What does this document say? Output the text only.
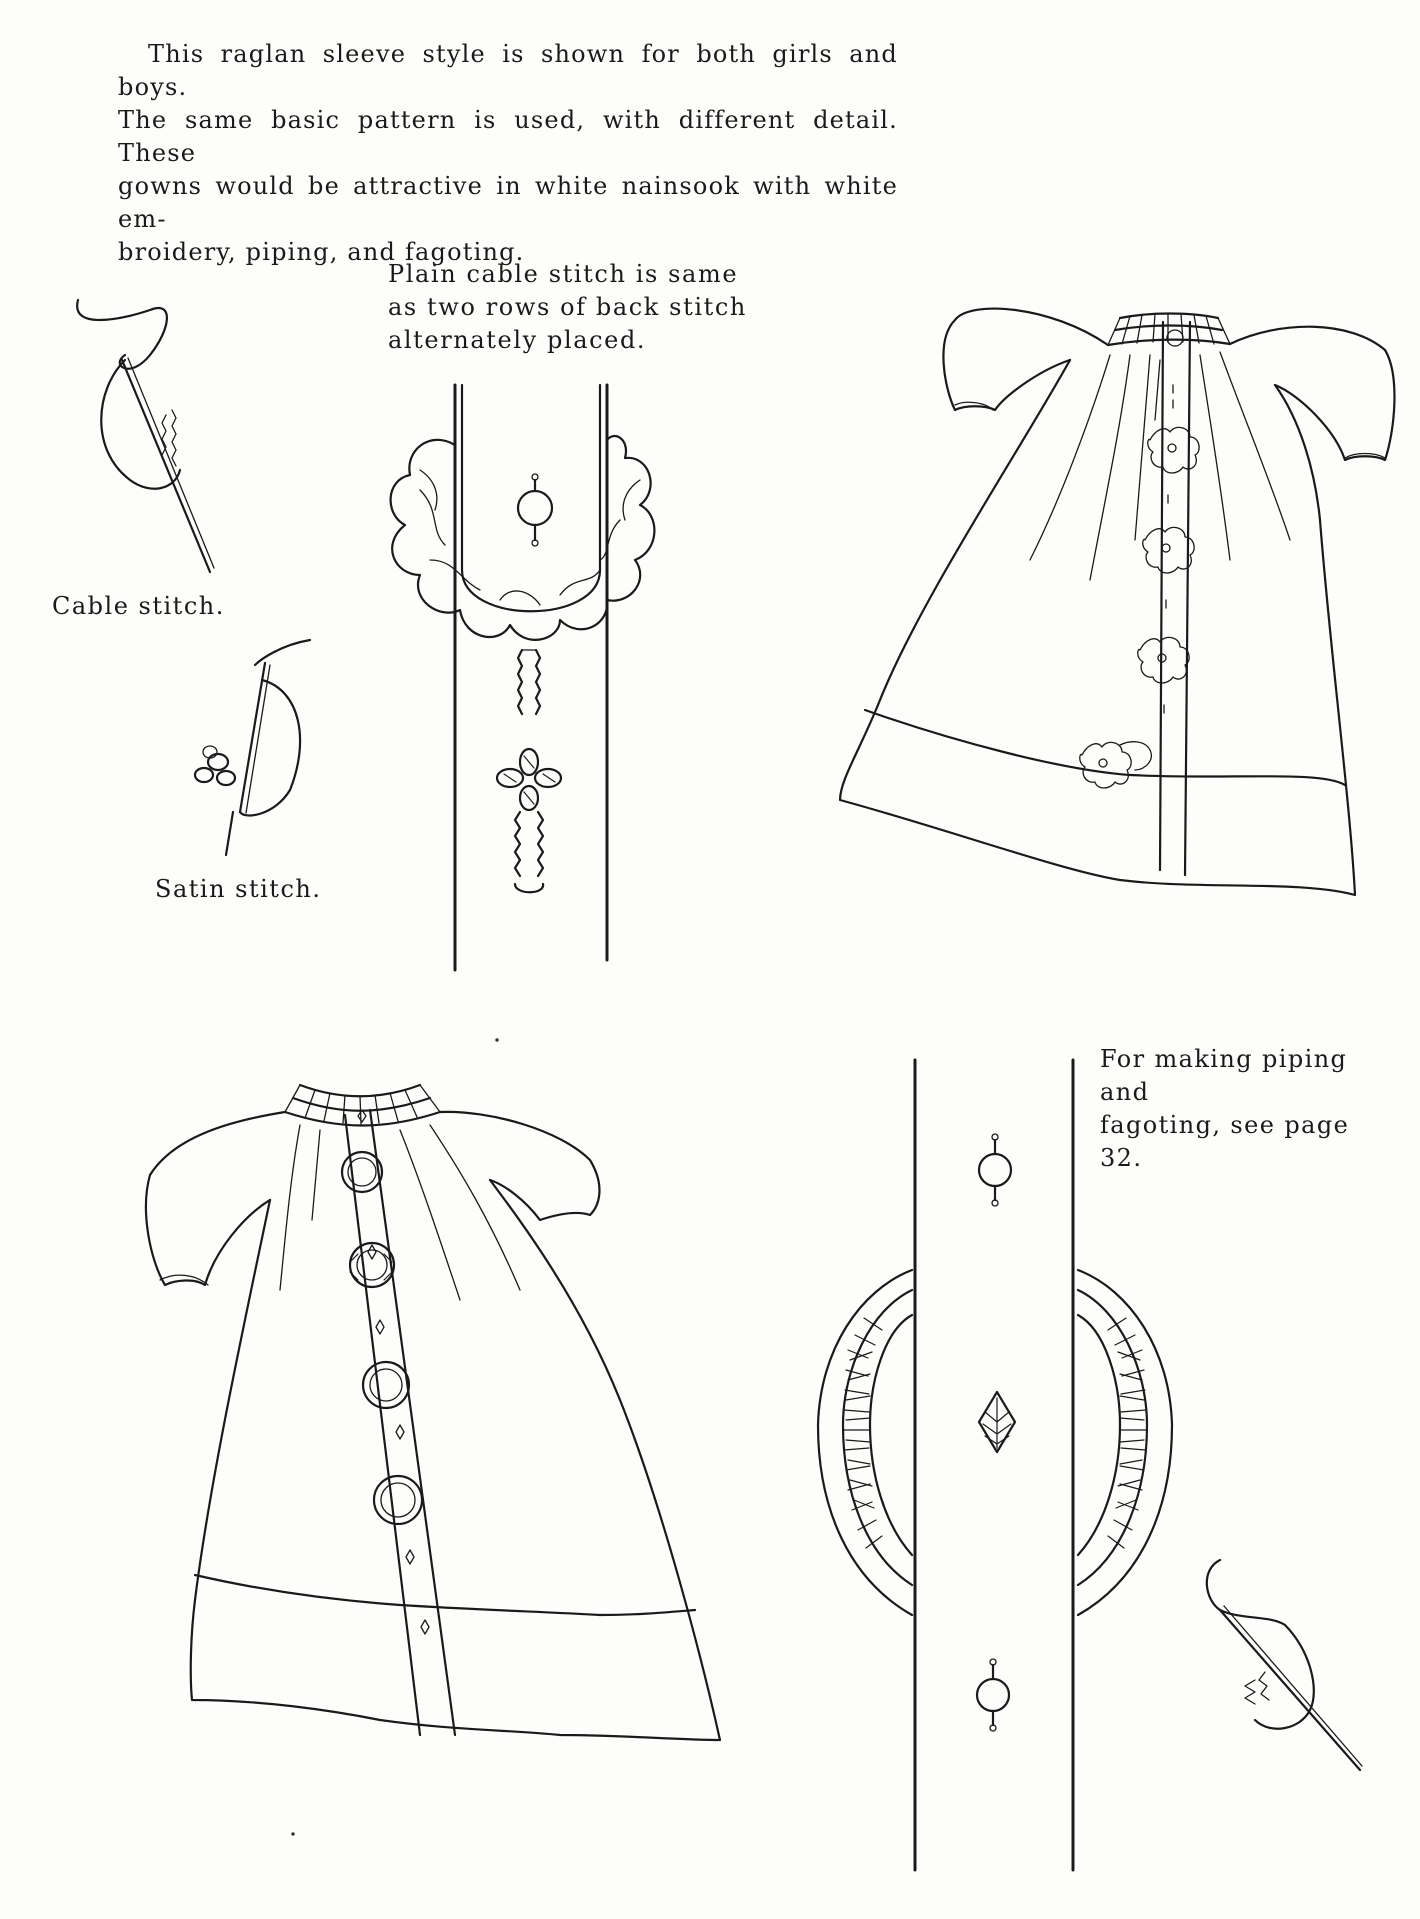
This raglan sleeve style is shown for both girls and boys.
The same basic pattern is used, with different detail. These
gowns would be attractive in white nainsook with white em-
broidery, piping, and fagoting.
Plain cable stitch is same
as two rows of back stitch
alternately placed.
Cable stitch.
Satin stitch.
For making piping and
fagoting, see page 32.
